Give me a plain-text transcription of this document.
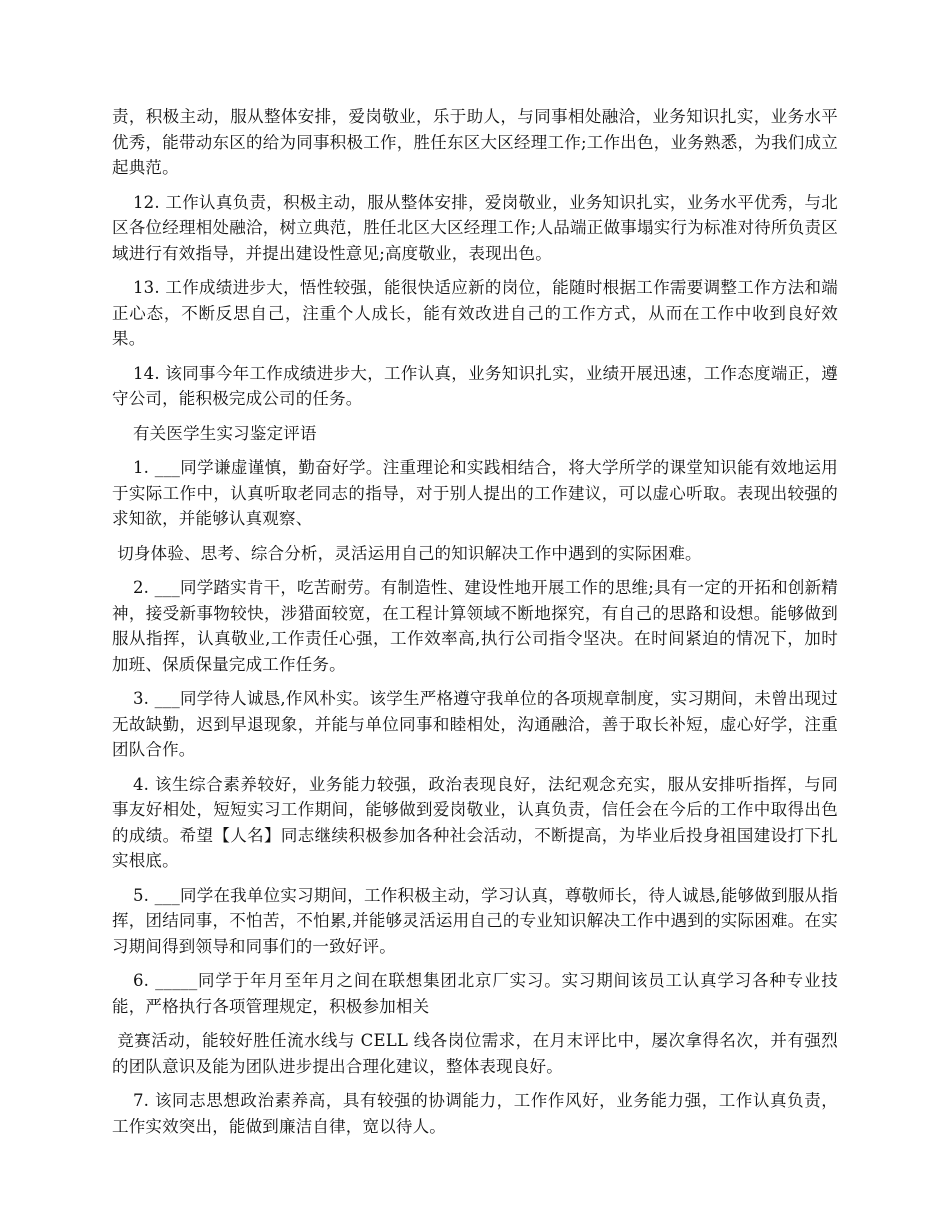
责，积极主动，服从整体安排，爱岗敬业，乐于助人，与同事相处融洽，业务知识扎实，业务水平优秀，能带动东区的给为同事积极工作，胜任东区大区经理工作;工作出色，业务熟悉，为我们成立起典范。

12. 工作认真负责，积极主动，服从整体安排，爱岗敬业，业务知识扎实，业务水平优秀，与北区各位经理相处融洽，树立典范，胜任北区大区经理工作;人品端正做事塌实行为标准对待所负责区域进行有效指导，并提出建设性意见;高度敬业，表现出色。

13. 工作成绩进步大，悟性较强，能很快适应新的岗位，能随时根据工作需要调整工作方法和端正心态，不断反思自己，注重个人成长，能有效改进自己的工作方式，从而在工作中收到良好效果。

14. 该同事今年工作成绩进步大，工作认真，业务知识扎实，业绩开展迅速，工作态度端正，遵守公司，能积极完成公司的任务。

有关医学生实习鉴定评语

1. ___同学谦虚谨慎，勤奋好学。注重理论和实践相结合，将大学所学的课堂知识能有效地运用于实际工作中，认真听取老同志的指导，对于别人提出的工作建议，可以虚心听取。表现出较强的求知欲，并能够认真观察、

切身体验、思考、综合分析，灵活运用自己的知识解决工作中遇到的实际困难。

2. ___同学踏实肯干，吃苦耐劳。有制造性、建设性地开展工作的思维;具有一定的开拓和创新精神，接受新事物较快，涉猎面较宽，在工程计算领域不断地探究，有自己的思路和设想。能够做到服从指挥，认真敬业,工作责任心强，工作效率高,执行公司指令坚决。在时间紧迫的情况下，加时加班、保质保量完成工作任务。

3. ___同学待人诚恳,作风朴实。该学生严格遵守我单位的各项规章制度，实习期间，未曾出现过无故缺勤，迟到早退现象，并能与单位同事和睦相处，沟通融洽，善于取长补短，虚心好学，注重团队合作。

4. 该生综合素养较好，业务能力较强，政治表现良好，法纪观念充实，服从安排听指挥，与同事友好相处，短短实习工作期间，能够做到爱岗敬业，认真负责，信任会在今后的工作中取得出色的成绩。希望【人名】同志继续积极参加各种社会活动，不断提高，为毕业后投身祖国建设打下扎实根底。

5. ___同学在我单位实习期间，工作积极主动，学习认真，尊敬师长，待人诚恳,能够做到服从指挥，团结同事，不怕苦，不怕累,并能够灵活运用自己的专业知识解决工作中遇到的实际困难。在实习期间得到领导和同事们的一致好评。

6. _____同学于年月至年月之间在联想集团北京厂实习。实习期间该员工认真学习各种专业技能，严格执行各项管理规定，积极参加相关

竞赛活动，能较好胜任流水线与 CELL 线各岗位需求，在月末评比中，屡次拿得名次，并有强烈的团队意识及能为团队进步提出合理化建议，整体表现良好。

7. 该同志思想政治素养高，具有较强的协调能力，工作作风好，业务能力强，工作认真负责，工作实效突出，能做到廉洁自律，宽以待人。
